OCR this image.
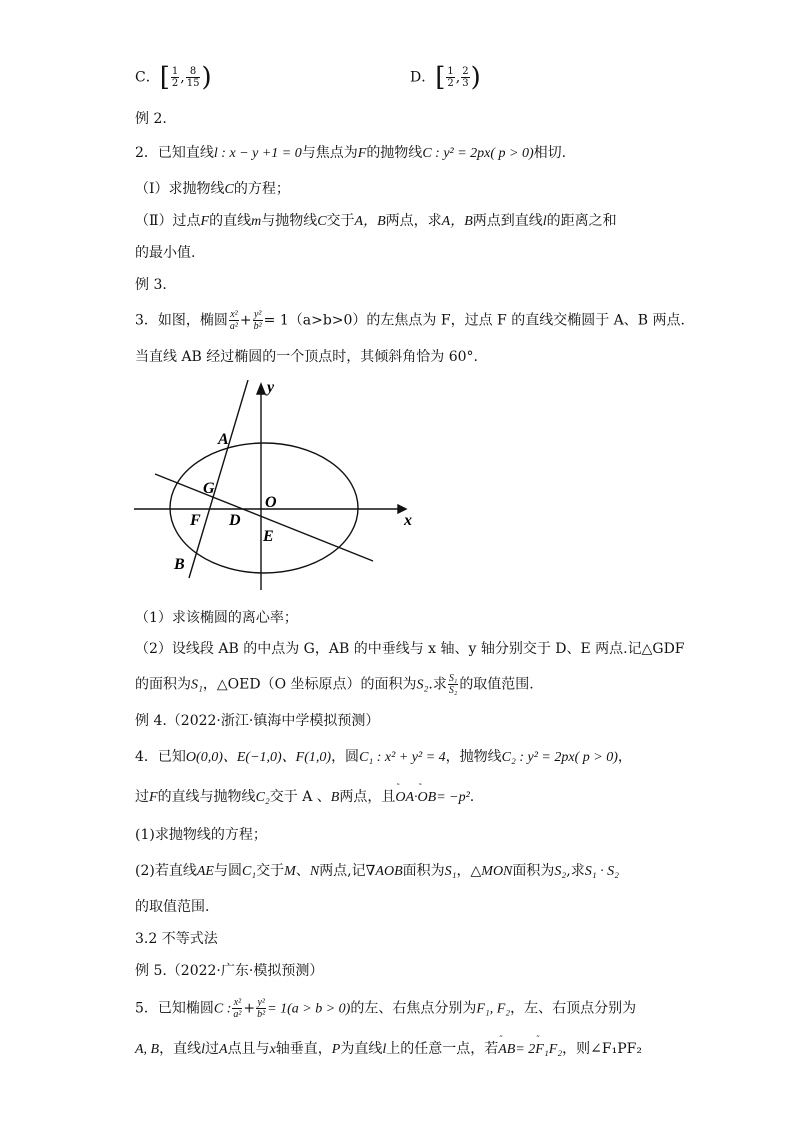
C．[ $\frac{1}{2}$ , $\frac{8}{15}$ )	D．[ $\frac{1}{2}$ , $\frac{2}{3}$ )
例 2.
2．已知直线l : x − y +1 = 0与焦点为F的抛物线C : y² = 2px( p > 0)相切.
（Ⅰ）求抛物线C的方程；
（Ⅱ）过点F的直线m与抛物线C交于A，B两点，求A，B两点到直线l的距离之和
的最小值.
例 3.
3．如图，椭圆 $\frac{\text{x²}}{\text{a²}} + \frac{\text{y²}}{\text{b²}} = 1(a>b>0)$的左焦点为 F，过点 F 的直线交椭圆于 A、B 两点.
当直线 AB 经过椭圆的一个顶点时，其倾斜角恰为 60°.
y
x
A
G
O
F D
E
B
（1）求该椭圆的离心率；
（2）设线段 AB 的中点为 G，AB 的中垂线与 x 轴、y 轴分别交于 D、E 两点.记△GDF
的面积为S₁，△OED（O 坐标原点）的面积为S₂.求 $\frac{\text{S₁}}{\text{S₂}}$ 的取值范围.
例 4.（2022·浙江·镇海中学模拟预测）
4．已知O(0,0)、E(−1,0)、F(1,0)，圆C₁ : x² + y² = 4，抛物线C₂ : y² = 2px( p > 0)，
过F的直线与抛物线C₂交于 A 、B两点，且̃̃ OA·̃̃ OB= −p².
(1)求抛物线的方程；
(2)若直线AE与圆C₁交于M、N两点,记∇AOB面积为S₁，△MON面积为S₂,求S₁ · S₂
的取值范围.
3.2 不等式法
例 5.（2022·广东·模拟预测）
5．已知椭圆C : $\frac{\text{x²}}{\text{a²}} + \frac{\text{y²}}{\text{b²}} = 1(a > b > 0)$的左、右焦点分别为F₁, F₂，左、右顶点分别为
A, B，直线l过A点且与x轴垂直，P为直线l上的任意一点，若̃̃ AB= 2̃̃ F₁F₂，则∠F₁PF₂
